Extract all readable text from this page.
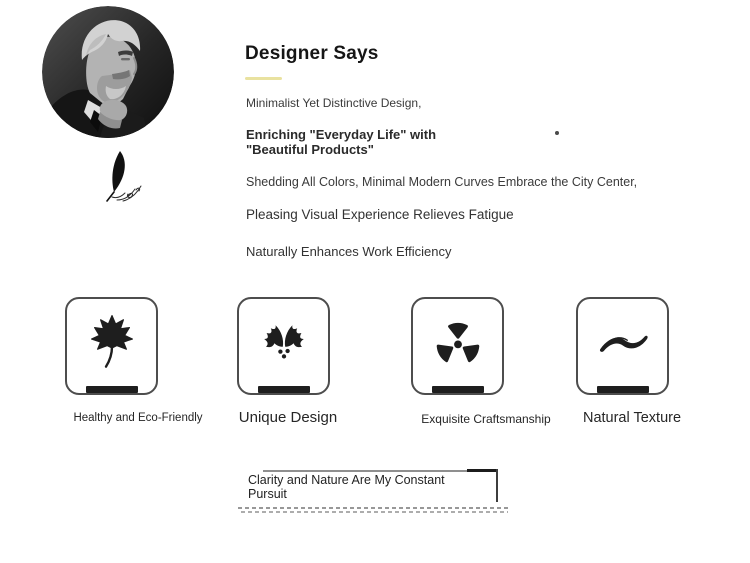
Designer Says
Minimalist Yet Distinctive Design,
Enriching "Everyday Life" with "Beautiful Products"
Shedding All Colors, Minimal Modern Curves Embrace the City Center,
Pleasing Visual Experience Relieves Fatigue
Naturally Enhances Work Efficiency
Healthy and Eco-Friendly	Unique Design	Exquisite Craftsmanship	Natural Texture
Clarity and Nature Are My Constant Pursuit
